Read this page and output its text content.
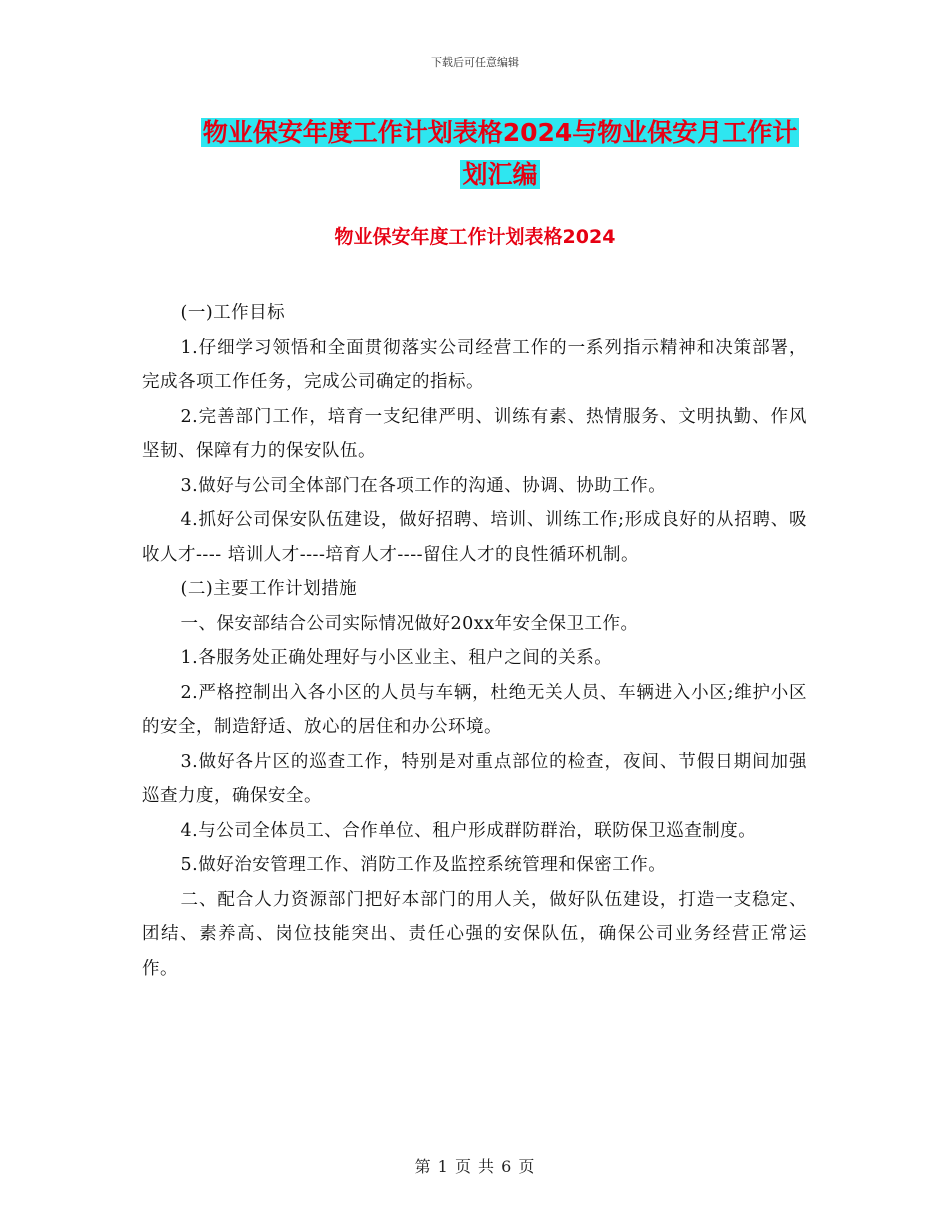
下载后可任意编辑
物业保安年度工作计划表格2024与物业保安月工作计
划汇编
物业保安年度工作计划表格2024

(一)工作目标

1.仔细学习领悟和全面贯彻落实公司经营工作的一系列指示精神和决策部署，完成各项工作任务，完成公司确定的指标。

2.完善部门工作，培育一支纪律严明、训练有素、热情服务、文明执勤、作风坚韧、保障有力的保安队伍。

3.做好与公司全体部门在各项工作的沟通、协调、协助工作。

4.抓好公司保安队伍建设，做好招聘、培训、训练工作;形成良好的从招聘、吸收人才---- 培训人才----培育人才----留住人才的良性循环机制。

(二)主要工作计划措施

一、保安部结合公司实际情况做好20xx年安全保卫工作。

1.各服务处正确处理好与小区业主、租户之间的关系。

2.严格控制出入各小区的人员与车辆，杜绝无关人员、车辆进入小区;维护小区的安全，制造舒适、放心的居住和办公环境。

3.做好各片区的巡查工作，特别是对重点部位的检查，夜间、节假日期间加强巡查力度，确保安全。

4.与公司全体员工、合作单位、租户形成群防群治，联防保卫巡查制度。

5.做好治安管理工作、消防工作及监控系统管理和保密工作。

二、配合人力资源部门把好本部门的用人关，做好队伍建设，打造一支稳定、团结、素养高、岗位技能突出、责任心强的安保队伍，确保公司业务经营正常运作。

第 1 页 共 6 页
